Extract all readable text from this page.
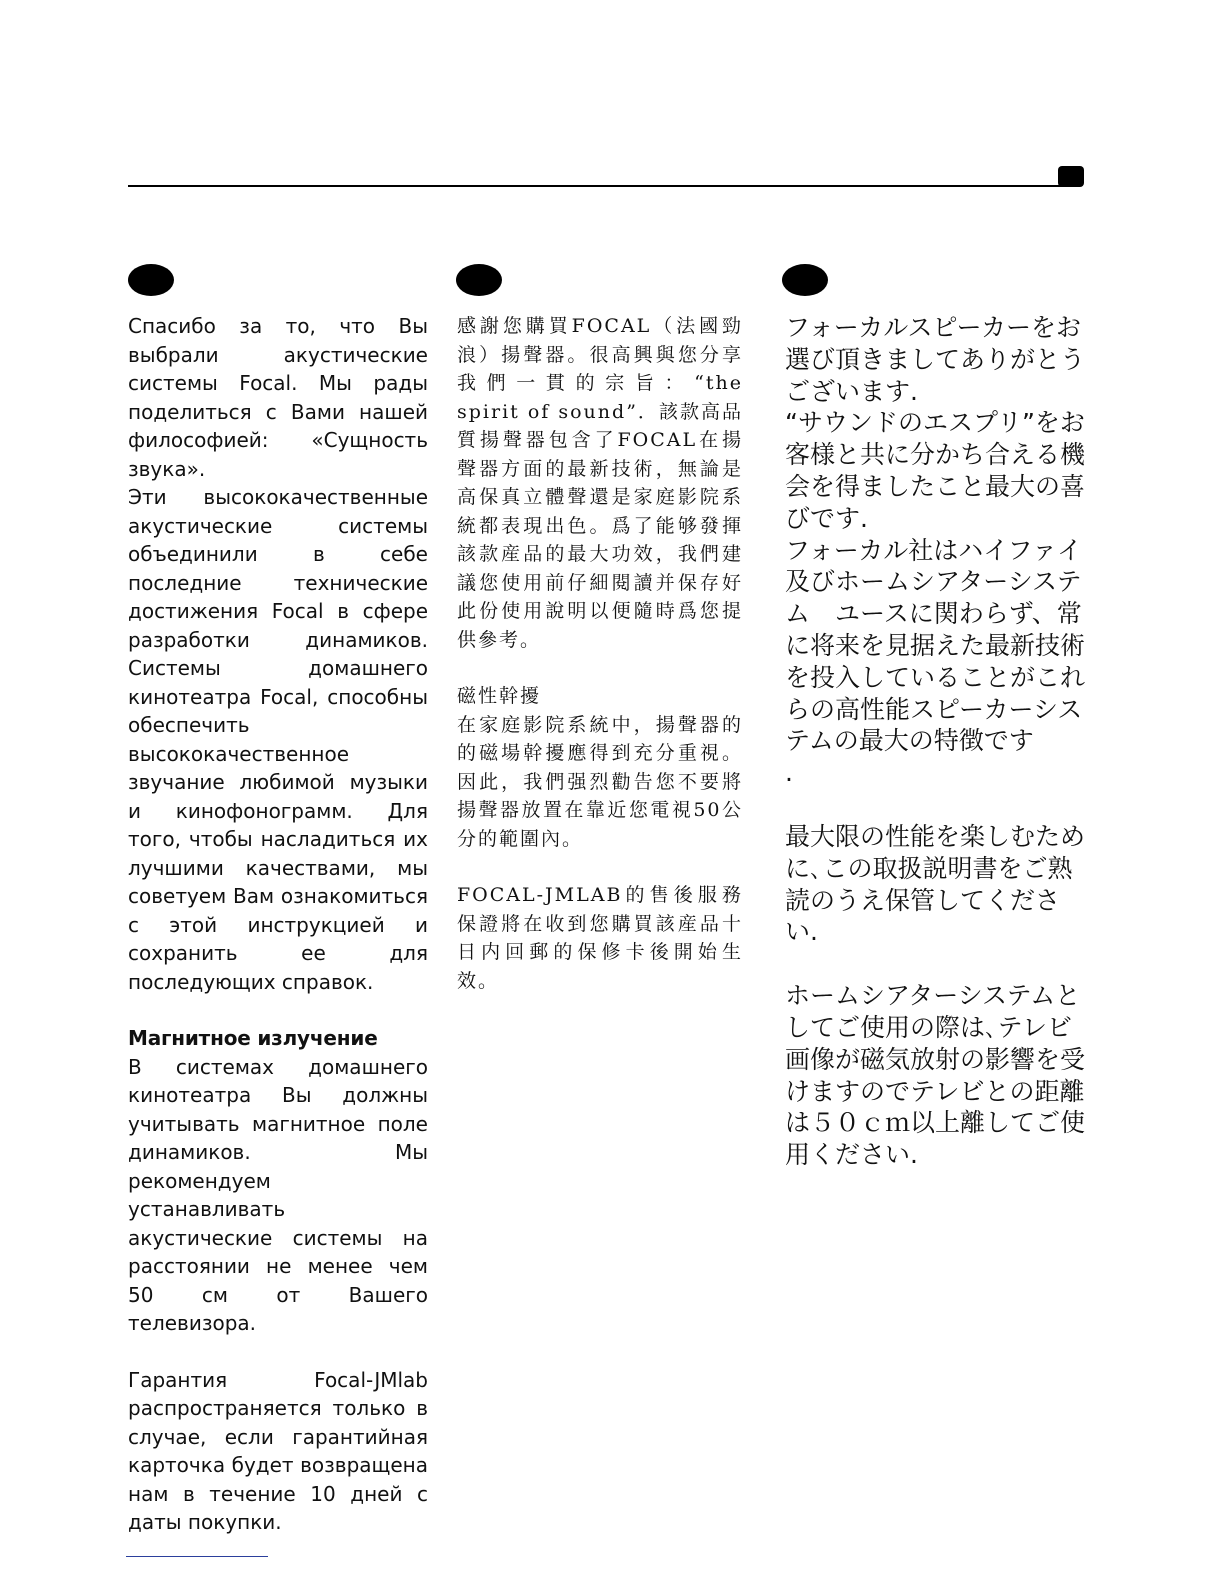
Спасибо за то, что Вы выбрали акустические системы Focal. Мы рады поделиться с Вами нашей философией: «Сущность звука».

Эти высококачественные акустические системы объединили в себе последние технические достижения Focal в сфере разработки динамиков. Системы домашнего кинотеатра Focal, способны обеспечить высококачественное звучание любимой музыки и кинофонограмм. Для того, чтобы насладиться их лучшими качествами, мы советуем Вам ознакомиться с этой инструкцией и сохранить ее для последующих справок.

Магнитное излучение

В системах домашнего кинотеатра Вы должны учитывать магнитное поле динамиков. Мы рекомендуем устанавливать акустические системы на расстоянии не менее чем 50 см от Вашего телевизора.

Гарантия Focal-JMlab распространяется только в случае, если гарантийная карточка будет возвращена нам в течение 10 дней с даты покупки.

感謝您購買FOCAL（法國勁浪）揚聲器。很高興與您分享我們一貫的宗旨：“the spirit of sound”．該款高品質揚聲器包含了FOCAL在揚聲器方面的最新技術，無論是高保真立體聲還是家庭影院系統都表現出色。爲了能够發揮該款産品的最大功效，我們建議您使用前仔細閱讀并保存好此份使用說明以便隨時爲您提供參考。

磁性幹擾

在家庭影院系統中，揚聲器的的磁場幹擾應得到充分重視。因此，我們强烈勸告您不要將揚聲器放置在靠近您電視50公分的範圍內。

FOCAL-JMLAB的售後服務保證將在收到您購買該産品十日内回郵的保修卡後開始生效。

フォーカルスピーカーをお選び頂きましてありがとうございます.

“サウンドのエスプリ”をお客様と共に分かち合える機会を得ましたこと最大の喜びです.

フォーカル社はハイファイ及びホームシアターシステム　ユースに関わらず、常に将来を見据えた最新技術を投入していることがこれらの高性能スピーカーシステムの最大の特徴です

.

最大限の性能を楽しむために､この取扱説明書をご熟読のうえ保管してください.

ホームシアターシステムとしてご使用の際は､テレビ画像が磁気放射の影響を受けますのでテレビとの距離は５０ｃｍ以上離してご使用ください.
